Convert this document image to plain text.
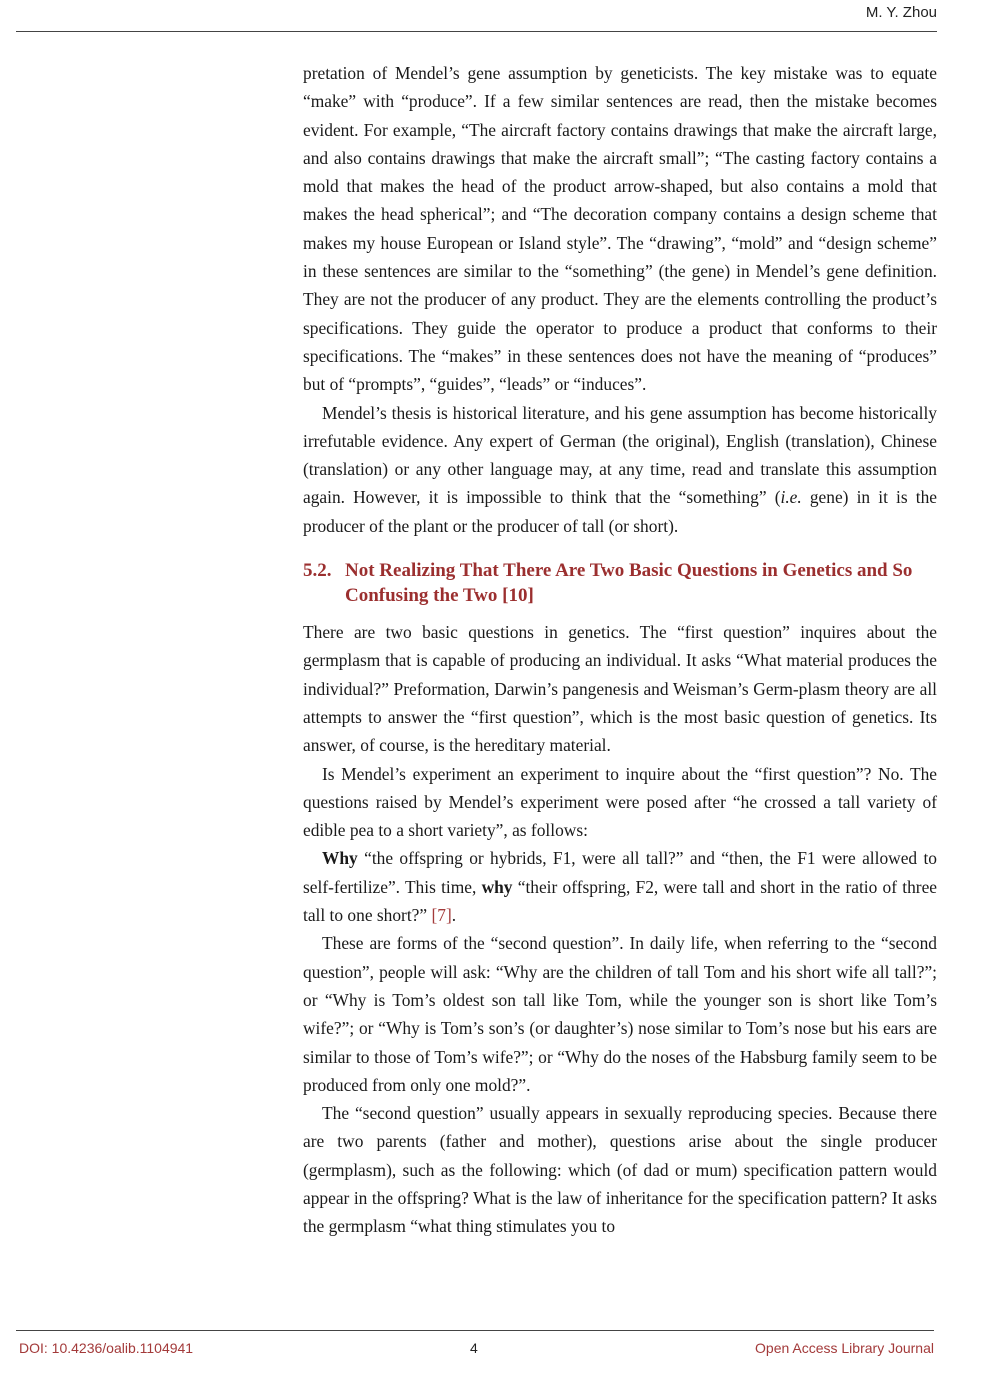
M. Y. Zhou

pretation of Mendel’s gene assumption by geneticists. The key mistake was to equate “make” with “produce”. If a few similar sentences are read, then the mistake becomes evident. For example, “The aircraft factory contains drawings that make the aircraft large, and also contains drawings that make the aircraft small”; “The casting factory contains a mold that makes the head of the product arrow-shaped, but also contains a mold that makes the head spherical”; and “The decoration company contains a design scheme that makes my house European or Island style”. The “drawing”, “mold” and “design scheme” in these sentences are similar to the “something” (the gene) in Mendel’s gene definition. They are not the producer of any product. They are the elements controlling the product’s specifications. They guide the operator to produce a product that conforms to their specifications. The “makes” in these sentences does not have the meaning of “produces” but of “prompts”, “guides”, “leads” or “induces”.

Mendel’s thesis is historical literature, and his gene assumption has become historically irrefutable evidence. Any expert of German (the original), English (translation), Chinese (translation) or any other language may, at any time, read and translate this assumption again. However, it is impossible to think that the “something” (i.e. gene) in it is the producer of the plant or the producer of tall (or short).

5.2. Not Realizing That There Are Two Basic Questions in Genetics and So Confusing the Two [10]

There are two basic questions in genetics. The “first question” inquires about the germplasm that is capable of producing an individual. It asks “What material produces the individual?” Preformation, Darwin’s pangenesis and Weisman’s Germ-plasm theory are all attempts to answer the “first question”, which is the most basic question of genetics. Its answer, of course, is the hereditary material.

Is Mendel’s experiment an experiment to inquire about the “first question”? No. The questions raised by Mendel’s experiment were posed after “he crossed a tall variety of edible pea to a short variety”, as follows:

Why “the offspring or hybrids, F1, were all tall?” and “then, the F1 were allowed to self-fertilize”. This time, why “their offspring, F2, were tall and short in the ratio of three tall to one short?” [7].

These are forms of the “second question”. In daily life, when referring to the “second question”, people will ask: “Why are the children of tall Tom and his short wife all tall?”; or “Why is Tom’s oldest son tall like Tom, while the younger son is short like Tom’s wife?”; or “Why is Tom’s son’s (or daughter’s) nose similar to Tom’s nose but his ears are similar to those of Tom’s wife?”; or “Why do the noses of the Habsburg family seem to be produced from only one mold?”.

The “second question” usually appears in sexually reproducing species. Because there are two parents (father and mother), questions arise about the single producer (germplasm), such as the following: which (of dad or mum) specification pattern would appear in the offspring? What is the law of inheritance for the specification pattern? It asks the germplasm “what thing stimulates you to

DOI: 10.4236/oalib.1104941	4	Open Access Library Journal
